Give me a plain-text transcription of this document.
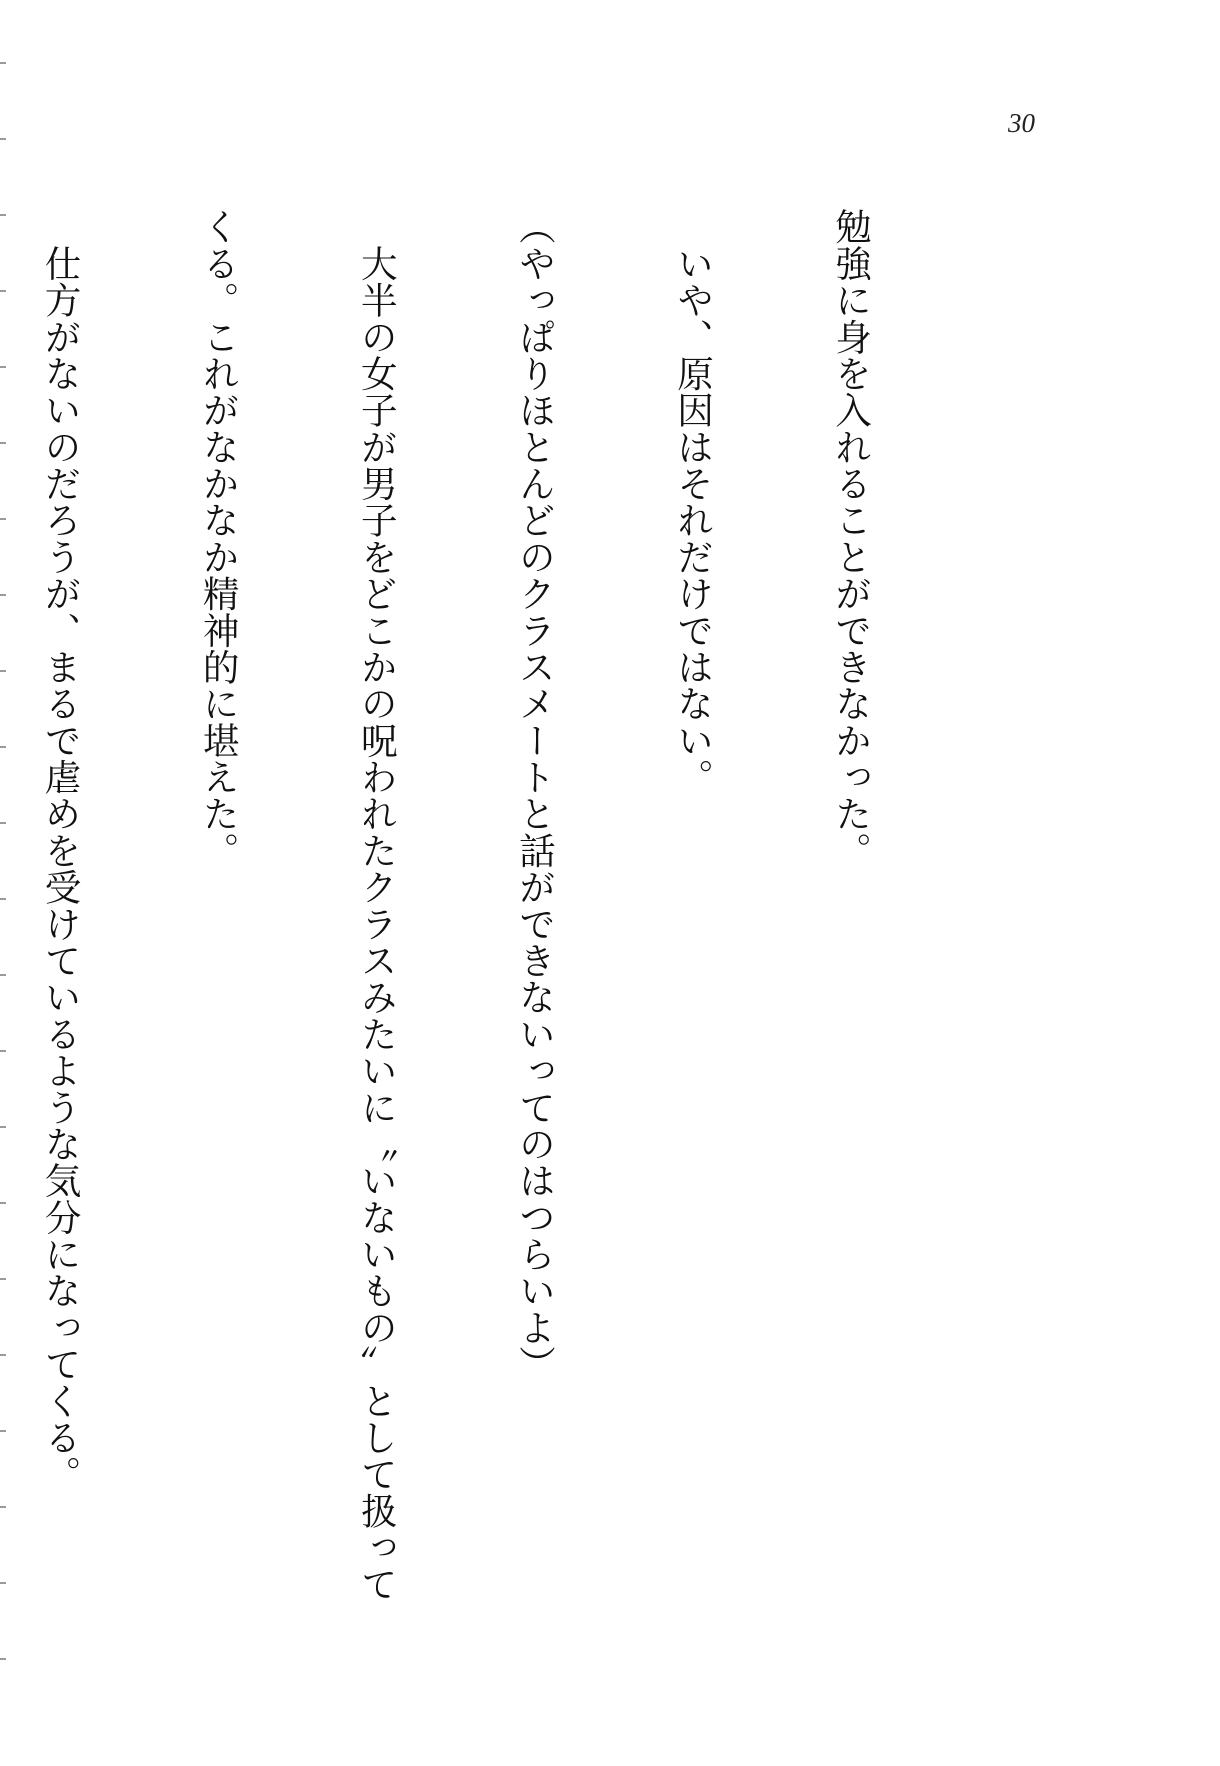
30

勉強に身を入れることができなかった。

　いや、原因はそれだけではない。

（やっぱりほとんどのクラスメートと話ができないってのはつらいよ）

　大半の女子が男子をどこかの呪われたクラスみたいに〝いないもの〟として扱って

くる。これがなかなか精神的に堪えた。

　仕方がないのだろうが、まるで虐めを受けているような気分になってくる。
